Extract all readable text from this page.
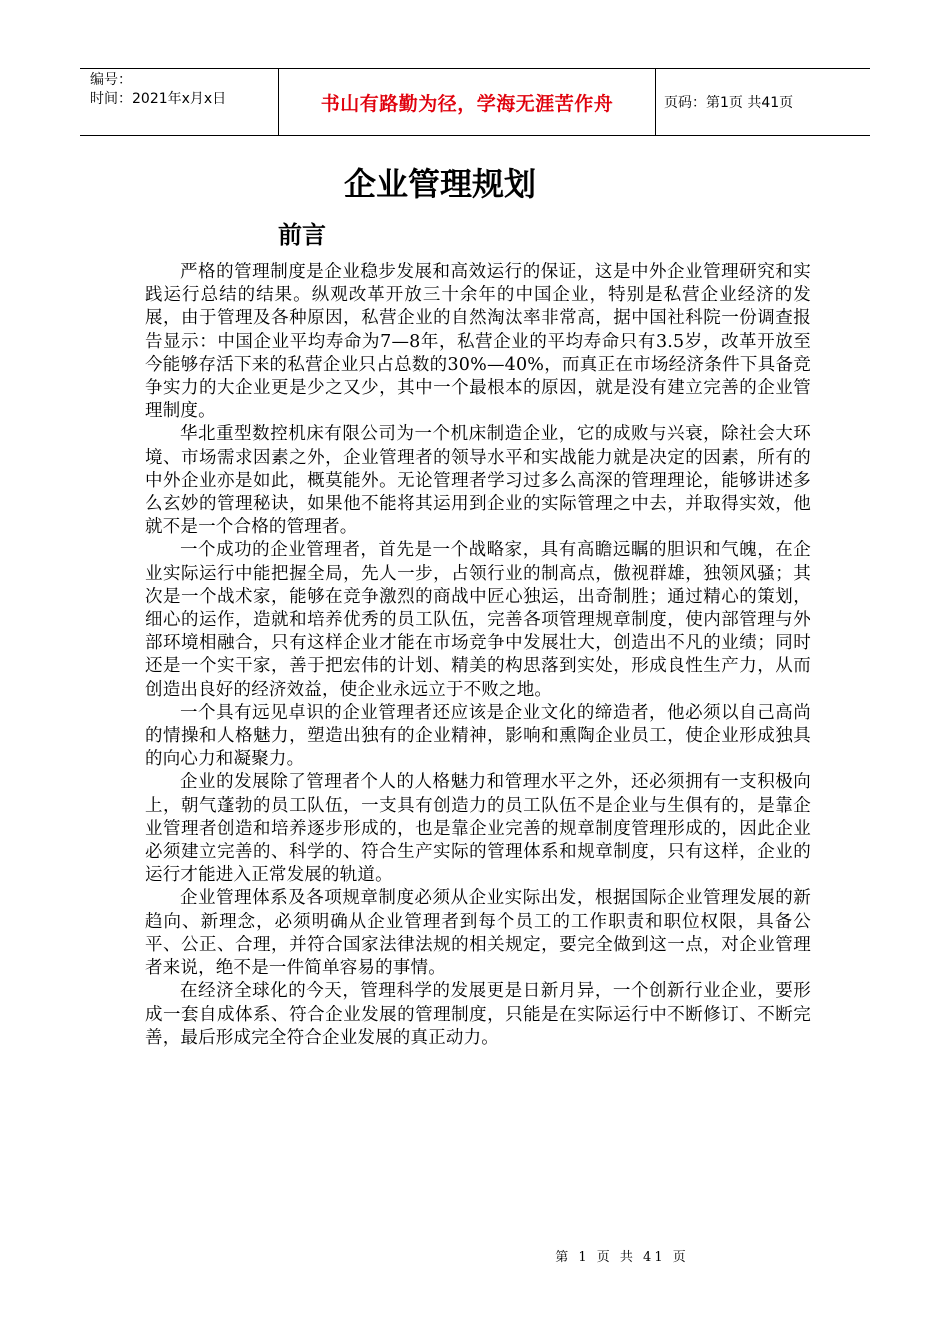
编号：
时间：2021年x月x日	书山有路勤为径，学海无涯苦作舟	页码：第1页 共41页
企业管理规划
前言

严格的管理制度是企业稳步发展和高效运行的保证，这是中外企业管理研究和实践运行总结的结果。纵观改革开放三十余年的中国企业，特别是私营企业经济的发展，由于管理及各种原因，私营企业的自然淘汰率非常高，据中国社科院一份调查报告显示：中国企业平均寿命为7—8年，私营企业的平均寿命只有3.5岁，改革开放至今能够存活下来的私营企业只占总数的30%—40%，而真正在市场经济条件下具备竞争实力的大企业更是少之又少，其中一个最根本的原因，就是没有建立完善的企业管理制度。

华北重型数控机床有限公司为一个机床制造企业，它的成败与兴衰，除社会大环境、市场需求因素之外，企业管理者的领导水平和实战能力就是决定的因素，所有的中外企业亦是如此，概莫能外。无论管理者学习过多么高深的管理理论，能够讲述多么玄妙的管理秘诀，如果他不能将其运用到企业的实际管理之中去，并取得实效，他就不是一个合格的管理者。

一个成功的企业管理者，首先是一个战略家，具有高瞻远瞩的胆识和气魄，在企业实际运行中能把握全局，先人一步，占领行业的制高点，傲视群雄，独领风骚；其次是一个战术家，能够在竞争激烈的商战中匠心独运，出奇制胜；通过精心的策划，细心的运作，造就和培养优秀的员工队伍，完善各项管理规章制度，使内部管理与外部环境相融合，只有这样企业才能在市场竞争中发展壮大，创造出不凡的业绩；同时还是一个实干家，善于把宏伟的计划、精美的构思落到实处，形成良性生产力，从而创造出良好的经济效益，使企业永远立于不败之地。

一个具有远见卓识的企业管理者还应该是企业文化的缔造者，他必须以自己高尚的情操和人格魅力，塑造出独有的企业精神，影响和熏陶企业员工，使企业形成独具的向心力和凝聚力。

企业的发展除了管理者个人的人格魅力和管理水平之外，还必须拥有一支积极向上，朝气蓬勃的员工队伍，一支具有创造力的员工队伍不是企业与生俱有的，是靠企业管理者创造和培养逐步形成的，也是靠企业完善的规章制度管理形成的，因此企业必须建立完善的、科学的、符合生产实际的管理体系和规章制度，只有这样，企业的运行才能进入正常发展的轨道。

企业管理体系及各项规章制度必须从企业实际出发，根据国际企业管理发展的新趋向、新理念，必须明确从企业管理者到每个员工的工作职责和职位权限，具备公平、公正、合理，并符合国家法律法规的相关规定，要完全做到这一点，对企业管理者来说，绝不是一件简单容易的事情。

在经济全球化的今天，管理科学的发展更是日新月异，一个创新行业企业，要形成一套自成体系、符合企业发展的管理制度，只能是在实际运行中不断修订、不断完善，最后形成完全符合企业发展的真正动力。

第 1 页 共 41 页
